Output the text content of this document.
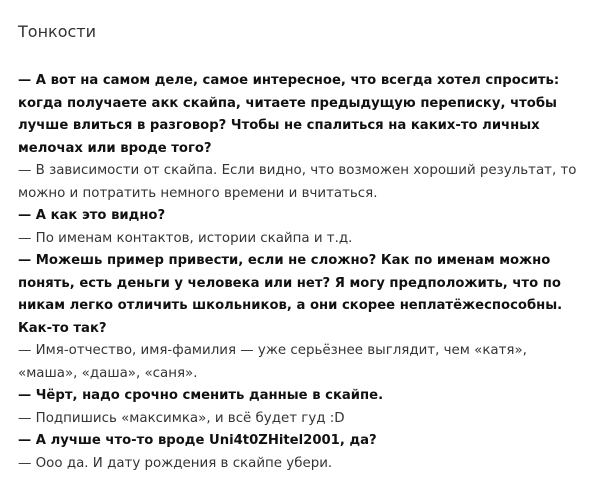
Тонкости
— А вот на самом деле, самое интересное, что всегда хотел спросить:
когда получаете акк скайпа, читаете предыдущую переписку, чтобы
лучше влиться в разговор? Чтобы не спалиться на каких-то личных
мелочах или вроде того?
— В зависимости от скайпа. Если видно, что возможен хороший результат, то
можно и потратить немного времени и вчитаться.
— А как это видно?
— По именам контактов, истории скайпа и т.д.
— Можешь пример привести, если не сложно? Как по именам можно
понять, есть деньги у человека или нет? Я могу предположить, что по
никам легко отличить школьников, а они скорее неплатёжеспособны.
Как-то так?
— Имя-отчество, имя-фамилия — уже серьёзнее выглядит, чем «катя»,
«маша», «даша», «саня».
— Чёрт, надо срочно сменить данные в скайпе.
— Подпишись «максимка», и всё будет гуд :D
— А лучше что-то вроде Uni4t0ZHitel2001, да?
— Ооо да. И дату рождения в скайпе убери.
